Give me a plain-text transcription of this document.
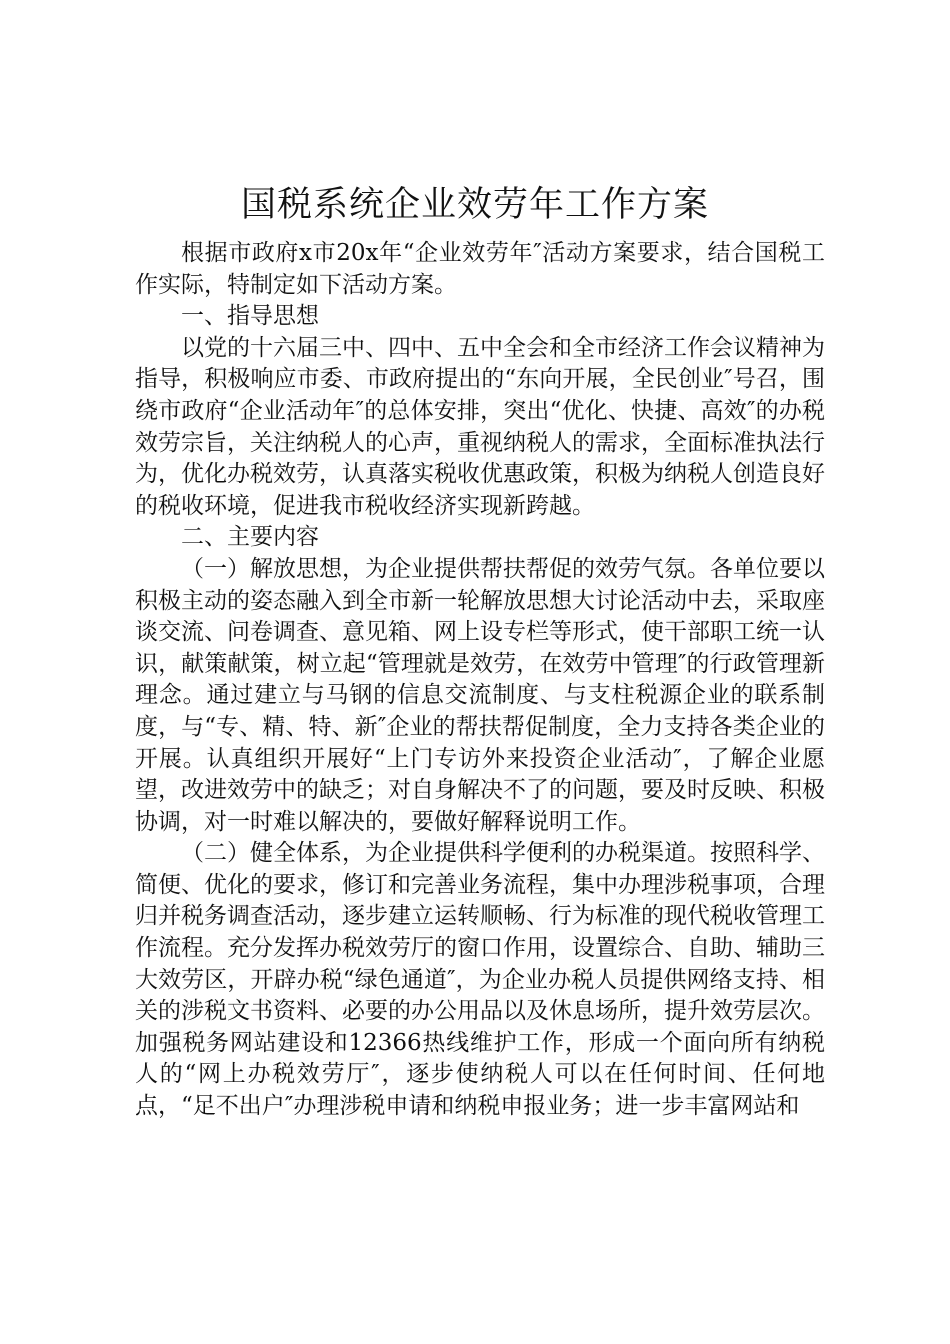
国税系统企业效劳年工作方案

根据市政府x市20x年“企业效劳年″活动方案要求，结合国税工作实际，特制定如下活动方案。

一、指导思想

以党的十六届三中、四中、五中全会和全市经济工作会议精神为指导，积极响应市委、市政府提出的“东向开展，全民创业″号召，围绕市政府“企业活动年″的总体安排，突出“优化、快捷、高效″的办税效劳宗旨，关注纳税人的心声，重视纳税人的需求，全面标准执法行为，优化办税效劳，认真落实税收优惠政策，积极为纳税人创造良好的税收环境，促进我市税收经济实现新跨越。

二、主要内容

（一）解放思想，为企业提供帮扶帮促的效劳气氛。各单位要以积极主动的姿态融入到全市新一轮解放思想大讨论活动中去，采取座谈交流、问卷调查、意见箱、网上设专栏等形式，使干部职工统一认识，献策献策，树立起“管理就是效劳，在效劳中管理″的行政管理新理念。通过建立与马钢的信息交流制度、与支柱税源企业的联系制度，与“专、精、特、新″企业的帮扶帮促制度，全力支持各类企业的开展。认真组织开展好“上门专访外来投资企业活动″，了解企业愿望，改进效劳中的缺乏；对自身解决不了的问题，要及时反映、积极协调，对一时难以解决的，要做好解释说明工作。

（二）健全体系，为企业提供科学便利的办税渠道。按照科学、简便、优化的要求，修订和完善业务流程，集中办理涉税事项，合理归并税务调查活动，逐步建立运转顺畅、行为标准的现代税收管理工作流程。充分发挥办税效劳厅的窗口作用，设置综合、自助、辅助三大效劳区，开辟办税“绿色通道″，为企业办税人员提供网络支持、相关的涉税文书资料、必要的办公用品以及休息场所，提升效劳层次。加强税务网站建设和12366热线维护工作，形成一个面向所有纳税人的“网上办税效劳厅″，逐步使纳税人可以在任何时间、任何地点，“足不出户″办理涉税申请和纳税申报业务；进一步丰富网站和
